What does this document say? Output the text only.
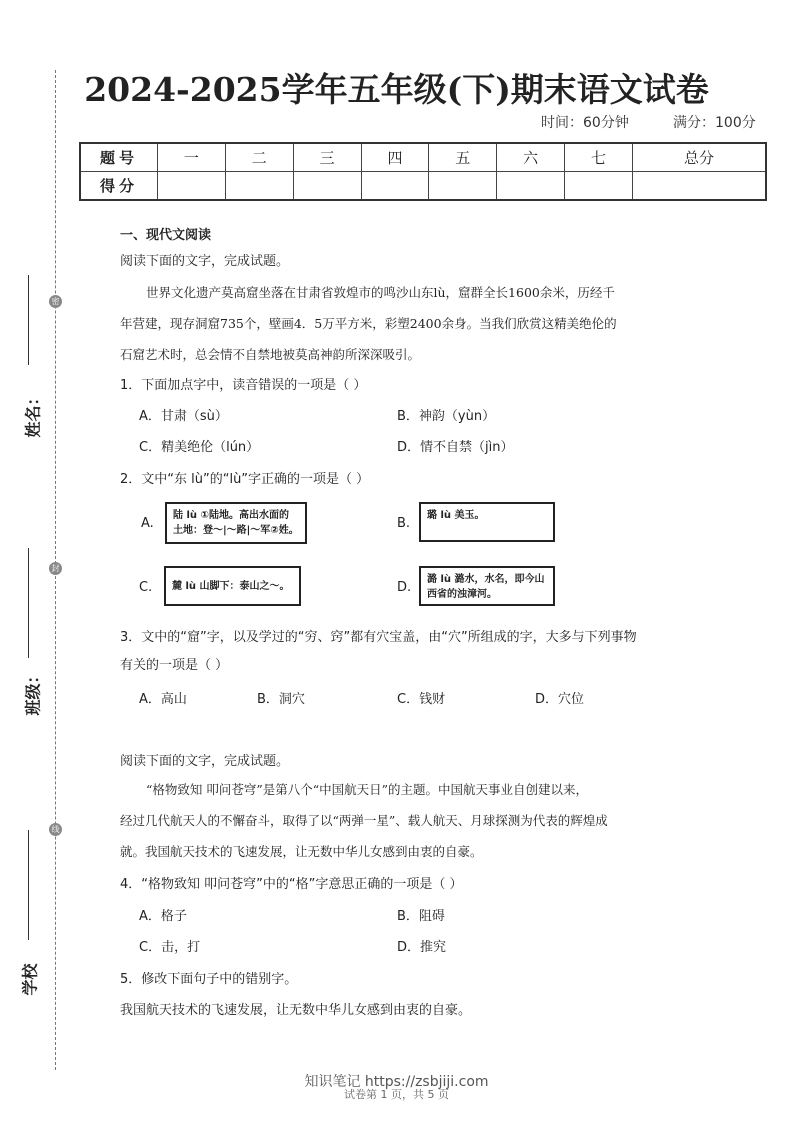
密
封
线
姓名：
班级：
学校
2024-2025学年五年级(下)期末语文试卷
时间：60分钟	满分：100分
题号	一	二	三	四	五	六	七	总分
得分								
一、现代文阅读
阅读下面的文字，完成试题。
世界文化遗产莫高窟坐落在甘肃省敦煌市的鸣沙山东lù，窟群全长1600余米，历经千
年营建，现存洞窟735个，壁画4．5万平方米，彩塑2400余身。当我们欣赏这精美绝伦的
石窟艺术时，总会情不自禁地被莫高神韵所深深吸引。
1．下面加点字中，读音错误的一项是（ ）
A．甘肃（sù）	B．神韵（yùn）
C．精美绝伦（lún）	D．情不自禁（jìn）
2．文中“东 lù”的“lù”字正确的一项是（ ）
A.
陆 lù ①陆地。高出水面的
土地：登～|～路|～军②姓。	B.
璐 lù 美玉。
C. 麓 lù 山脚下：泰山之～。	D.
潞 lù 潞水，水名，即今山
西省的浊漳河。
3．文中的“窟”字，以及学过的“穷、窍”都有穴宝盖，由“穴”所组成的字，大多与下列事物
有关的一项是（ ）
A．高山	B．洞穴	C．钱财	D．穴位
阅读下面的文字，完成试题。
“格物致知 叩问苍穹”是第八个“中国航天日”的主题。中国航天事业自创建以来，
经过几代航天人的不懈奋斗，取得了以“两弹一星”、载人航天、月球探测为代表的辉煌成
就。我国航天技术的飞速发展，让无数中华儿女感到由衷的自豪。
4．“格物致知 叩问苍穹”中的“格”字意思正确的一项是（ ）
A．格子	B．阻碍
C．击，打	D．推究
5．修改下面句子中的错别字。
我国航天技术的飞速发展，让无数中华儿女感到由衷的自豪。
知识笔记 https://zsbjiji.com
试卷第 1 页，共 5 页
